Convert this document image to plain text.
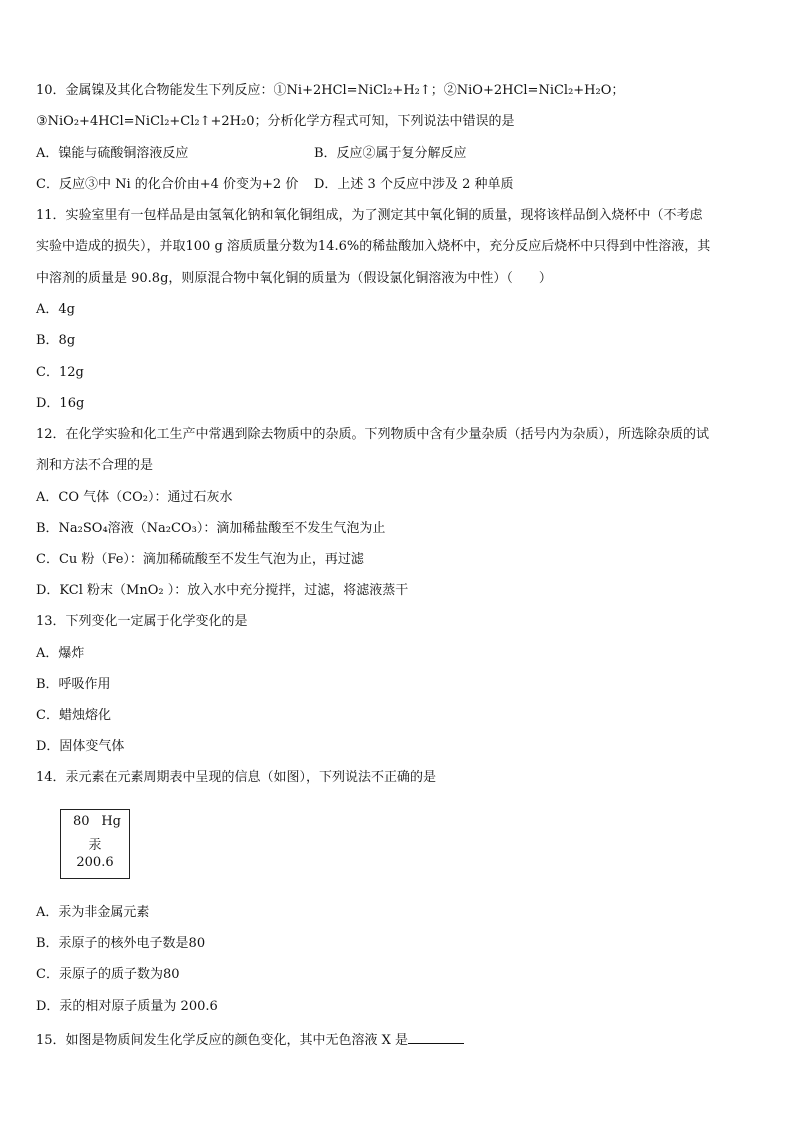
10．金属镍及其化合物能发生下列反应：①Ni+2HCl=NiCl₂+H₂↑；②NiO+2HCl=NiCl₂+H₂O；
③NiO₂+4HCl=NiCl₂+Cl₂↑+2H₂0；分析化学方程式可知，下列说法中错误的是
A．镍能与硫酸铜溶液反应	B．反应②属于复分解反应
C．反应③中 Ni 的化合价由+4 价变为+2 价 D．上述 3 个反应中涉及 2 种单质
11．实验室里有一包样品是由氢氧化钠和氧化铜组成，为了测定其中氧化铜的质量，现将该样品倒入烧杯中（不考虑
实验中造成的损失），并取100 g 溶质质量分数为14.6%的稀盐酸加入烧杯中，充分反应后烧杯中只得到中性溶液，其
中溶剂的质量是 90.8g，则原混合物中氧化铜的质量为（假设氯化铜溶液为中性）（　　）
A．4g
B．8g
C．12g
D．16g
12．在化学实验和化工生产中常遇到除去物质中的杂质。下列物质中含有少量杂质（括号内为杂质），所选除杂质的试
剂和方法不合理的是
A．CO 气体（CO₂）：通过石灰水
B．Na₂SO₄溶液（Na₂CO₃）：滴加稀盐酸至不发生气泡为止
C．Cu 粉（Fe）：滴加稀硫酸至不发生气泡为止，再过滤
D．KCl 粉末（MnO₂ ）：放入水中充分搅拌，过滤，将滤液蒸干
13．下列变化一定属于化学变化的是
A．爆炸
B．呼吸作用
C．蜡烛熔化
D．固体变气体
14．汞元素在元素周期表中呈现的信息（如图），下列说法不正确的是
80 Hg
汞
200.6
A．汞为非金属元素
B．汞原子的核外电子数是80
C．汞原子的质子数为80
D．汞的相对原子质量为 200.6
15．如图是物质间发生化学反应的颜色变化，其中无色溶液 X 是
